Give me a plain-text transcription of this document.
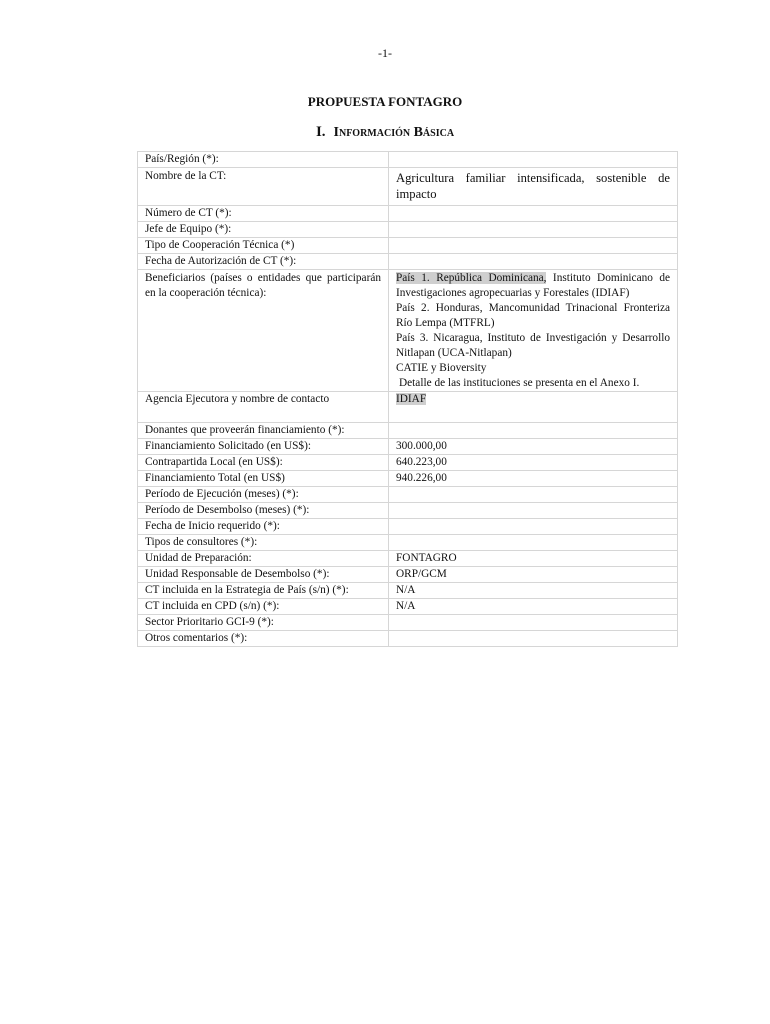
-1-
PROPUESTA FONTAGRO
I. Información Básica
País/Región (*):	
Nombre de la CT:	Agricultura familiar intensificada, sostenible de impacto
Número de CT (*):	
Jefe de Equipo (*):	
Tipo de Cooperación Técnica (*)	
Fecha de Autorización de CT (*):	
Beneficiarios (países o entidades que participarán en la cooperación técnica):	País 1. República Dominicana, Instituto Dominicano de Investigaciones agropecuarias y Forestales (IDIAF)
País 2. Honduras, Mancomunidad Trinacional Fronteriza Río Lempa (MTFRL)
País 3. Nicaragua, Instituto de Investigación y Desarrollo Nitlapan (UCA-Nitlapan)
CATIE y Bioversity
Detalle de las instituciones se presenta en el Anexo I.

Agencia Ejecutora y nombre de contacto	IDIAF
Donantes que proveerán financiamiento (*):	
Financiamiento Solicitado (en US$):	300.000,00
Contrapartida Local (en US$):	640.223,00
Financiamiento Total (en US$)	940.226,00
Período de Ejecución (meses) (*):	
Período de Desembolso (meses) (*):	
Fecha de Inicio requerido (*):	
Tipos de consultores (*):	
Unidad de Preparación:	FONTAGRO
Unidad Responsable de Desembolso (*):	ORP/GCM
CT incluida en la Estrategia de País (s/n) (*):	N/A
CT incluida en CPD (s/n) (*):	N/A
Sector Prioritario GCI-9 (*):	
Otros comentarios (*):	
